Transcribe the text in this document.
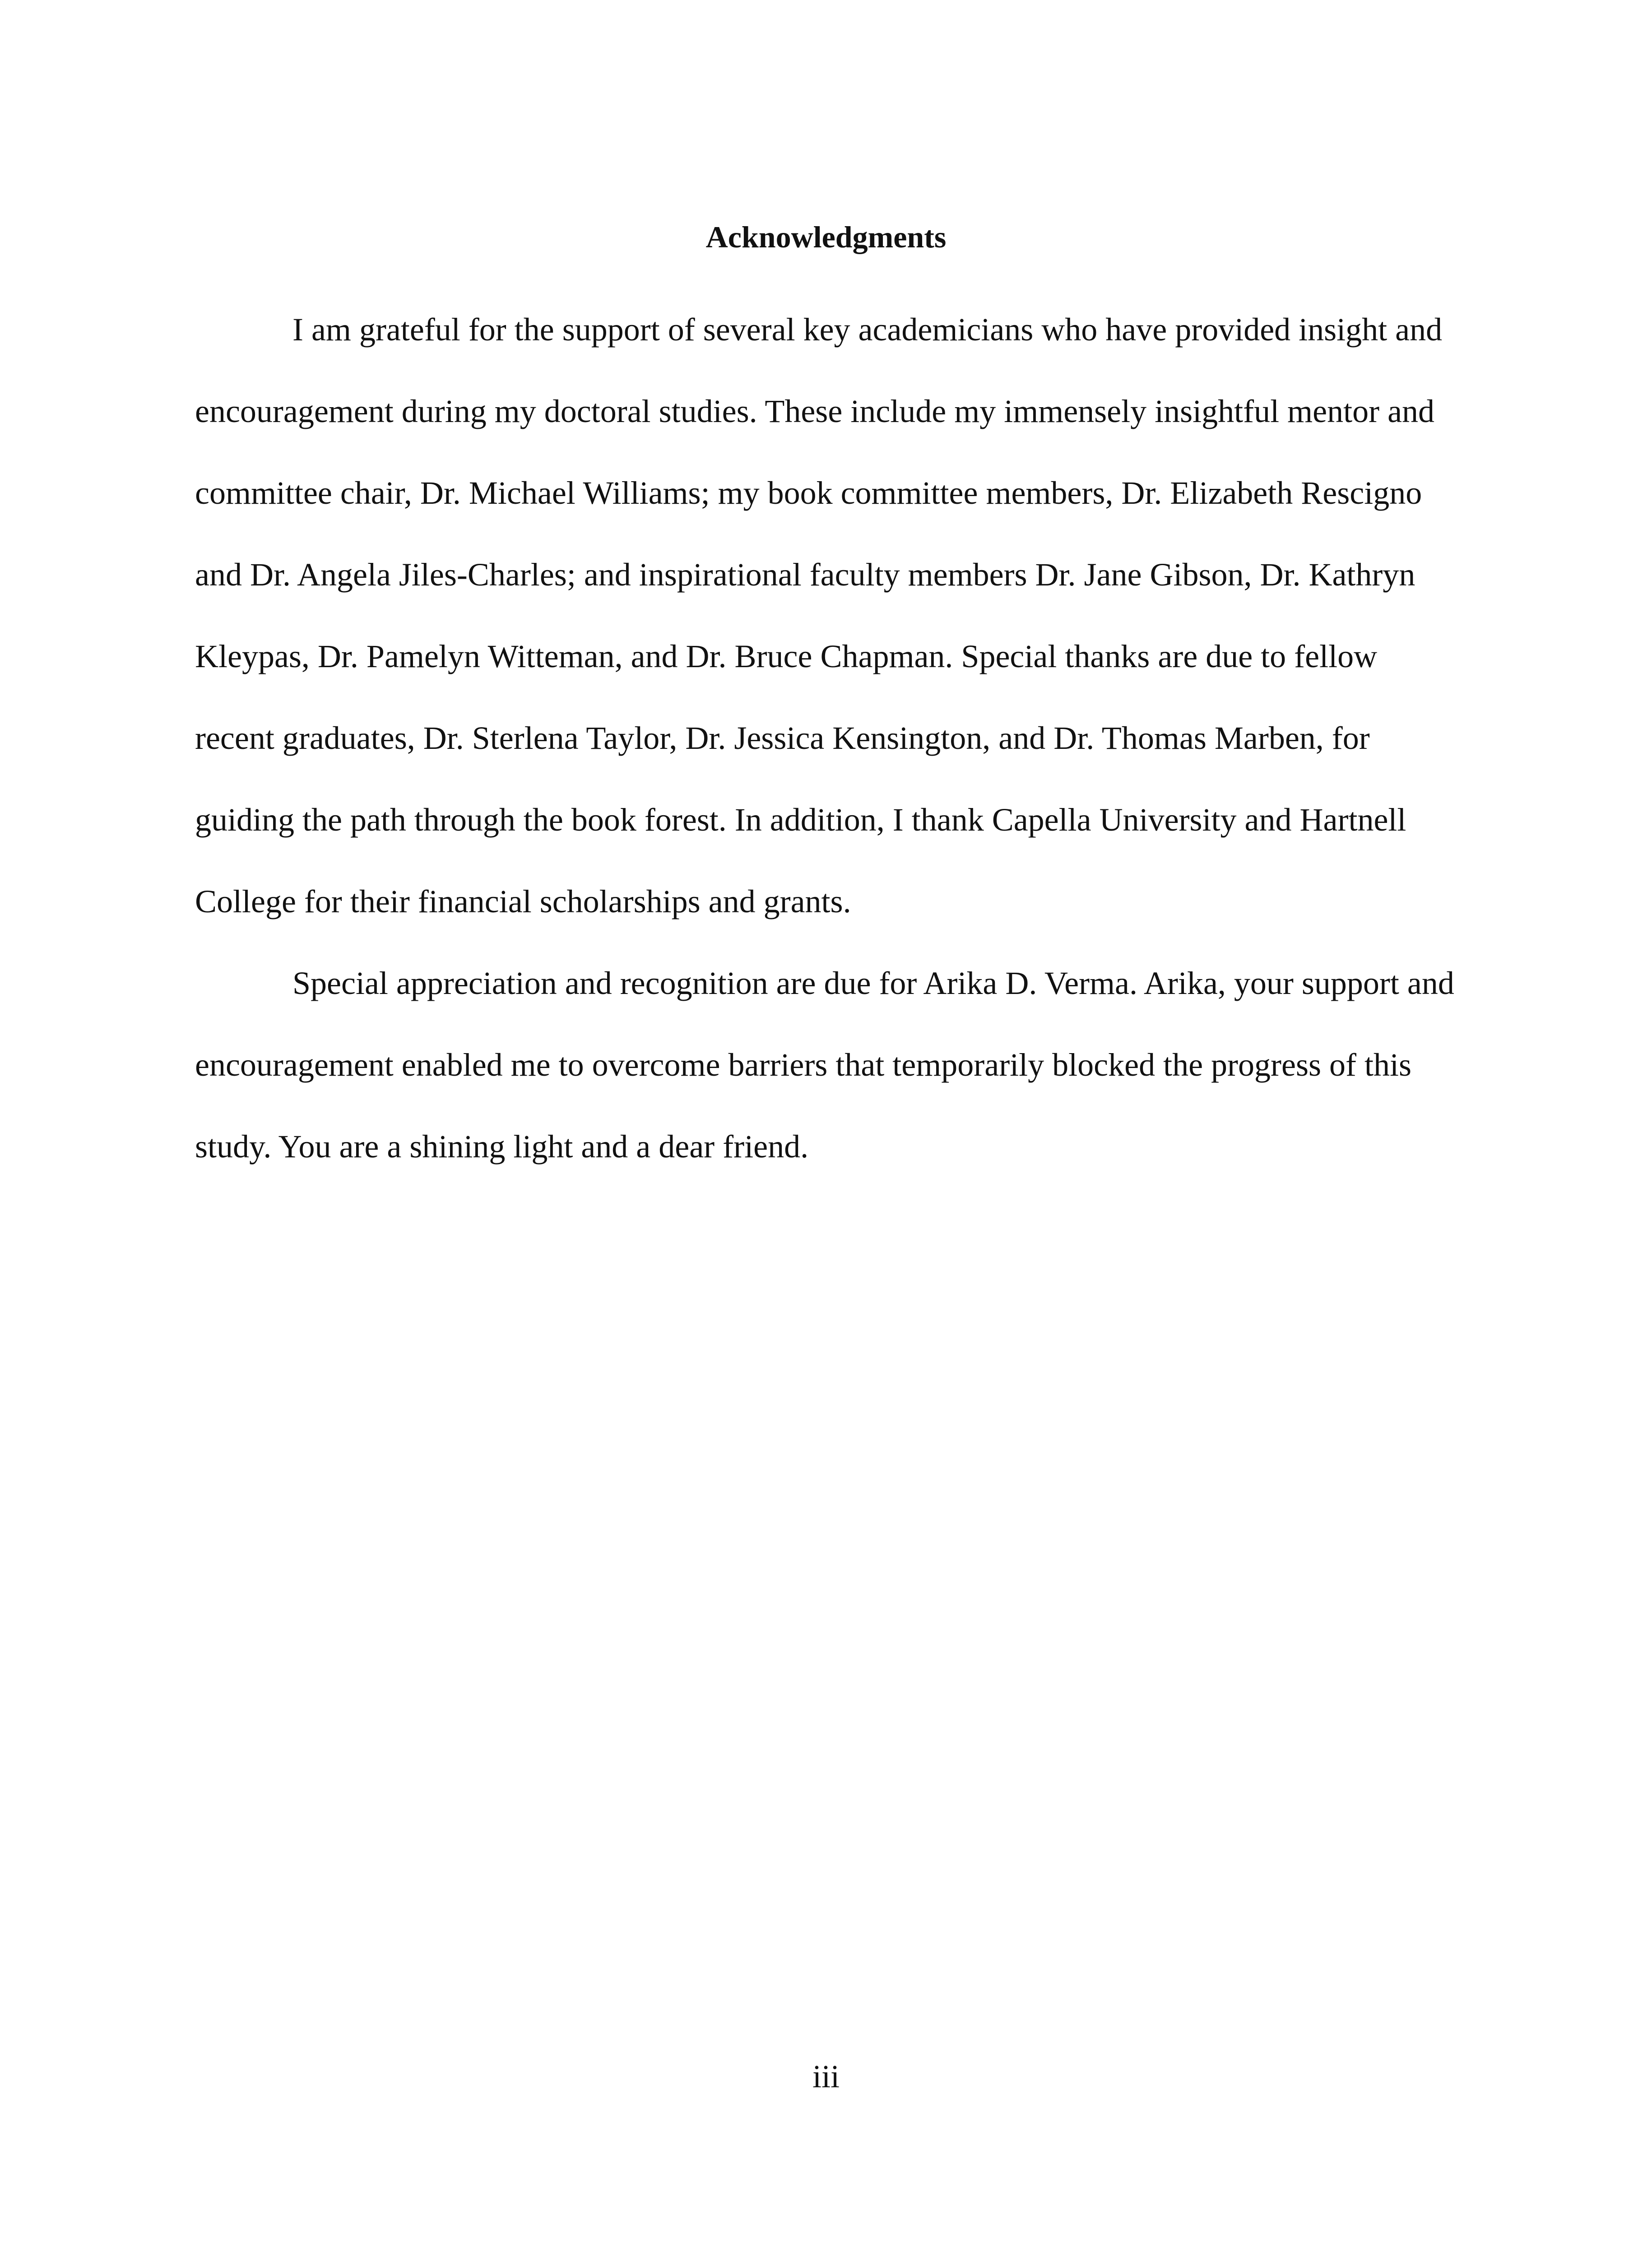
Acknowledgments

I am grateful for the support of several key academicians who have provided insight and encouragement during my doctoral studies. These include my immensely insightful mentor and committee chair, Dr. Michael Williams; my book committee members, Dr. Elizabeth Rescigno and Dr. Angela Jiles-Charles; and inspirational faculty members Dr. Jane Gibson, Dr. Kathryn Kleypas, Dr. Pamelyn Witteman, and Dr. Bruce Chapman. Special thanks are due to fellow recent graduates, Dr. Sterlena Taylor, Dr. Jessica Kensington, and Dr. Thomas Marben, for guiding the path through the book forest. In addition, I thank Capella University and Hartnell College for their financial scholarships and grants.

Special appreciation and recognition are due for Arika D. Verma. Arika, your support and encouragement enabled me to overcome barriers that temporarily blocked the progress of this study. You are a shining light and a dear friend.

iii
